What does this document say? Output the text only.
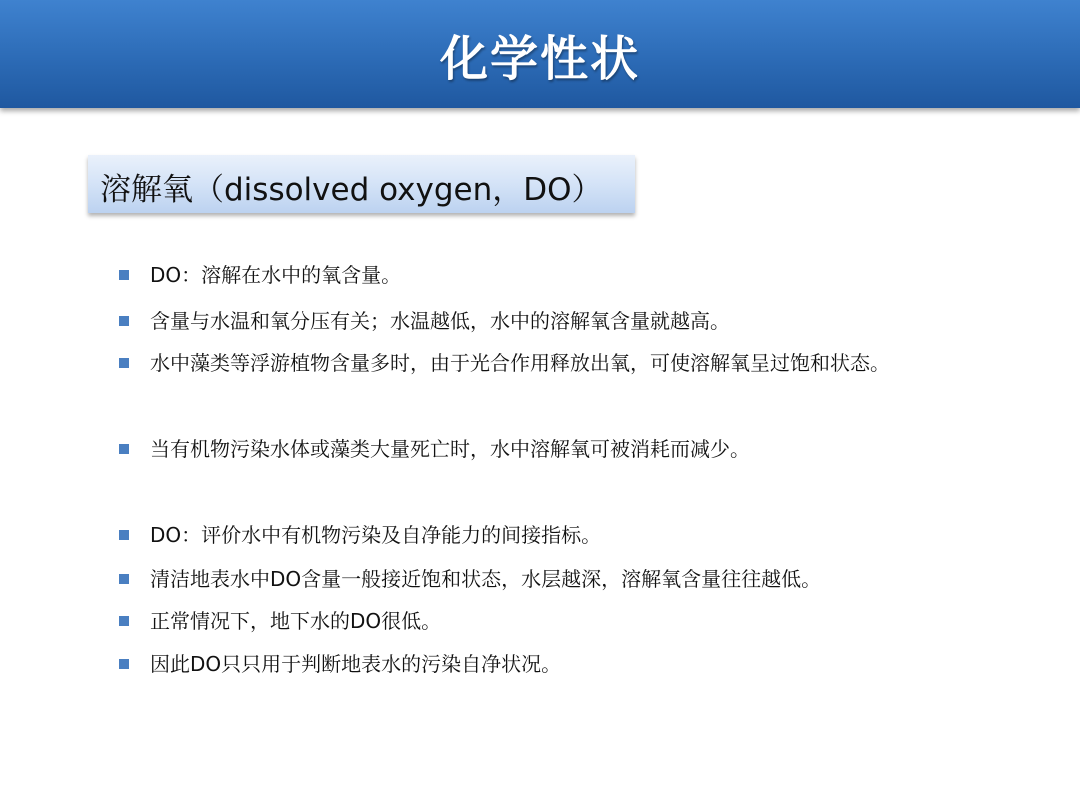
化学性状
溶解氧（dissolved oxygen，DO）
DO：溶解在水中的氧含量。
含量与水温和氧分压有关；水温越低，水中的溶解氧含量就越高。
水中藻类等浮游植物含量多时，由于光合作用释放出氧，可使溶解氧呈过饱和状态。
当有机物污染水体或藻类大量死亡时，水中溶解氧可被消耗而减少。
DO：评价水中有机物污染及自净能力的间接指标。
清洁地表水中DO含量一般接近饱和状态，水层越深，溶解氧含量往往越低。
正常情况下，地下水的DO很低。
因此DO只只用于判断地表水的污染自净状况。
